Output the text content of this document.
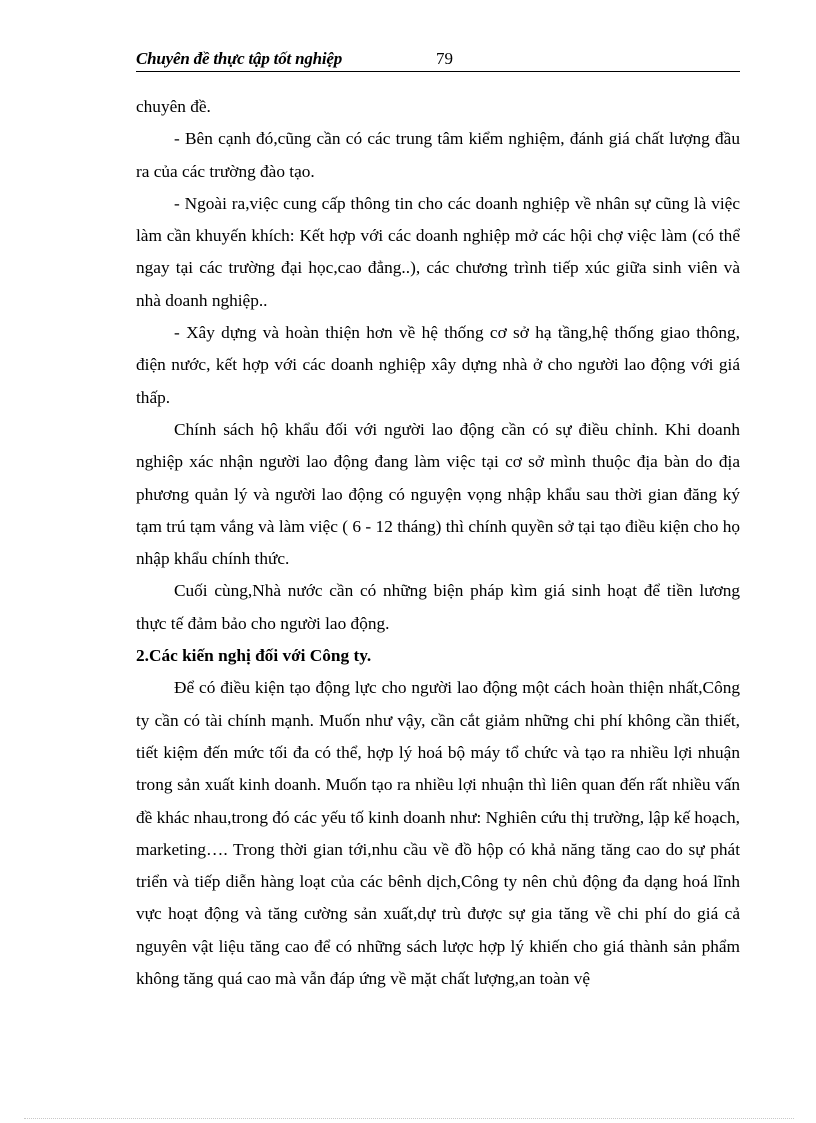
Chuyên đề thực tập tốt nghiệp	79

chuyên đề.

- Bên cạnh đó,cũng cần có các trung tâm kiểm nghiệm, đánh giá chất lượng đầu ra của các trường đào tạo.

- Ngoài ra,việc cung cấp thông tin cho các doanh nghiệp về nhân sự cũng là việc làm cần khuyến khích: Kết hợp với các doanh nghiệp mở các hội chợ việc làm (có thể ngay tại các trường đại học,cao đẳng..), các chương trình tiếp xúc giữa sinh viên và nhà doanh nghiệp..

- Xây dựng và hoàn thiện hơn về hệ thống cơ sở hạ tầng,hệ thống giao thông, điện nước, kết hợp với các doanh nghiệp xây dựng nhà ở cho người lao động với giá thấp.

Chính sách hộ khẩu đối với người lao động cần có sự điều chỉnh. Khi doanh nghiệp xác nhận người lao động đang làm việc tại cơ sở mình thuộc địa bàn do địa phương quản lý và người lao động có nguyện vọng nhập khẩu sau thời gian đăng ký tạm trú tạm vắng và làm việc ( 6 - 12 tháng) thì chính quyền sở tại tạo điều kiện cho họ nhập khẩu chính thức.

Cuối cùng,Nhà nước cần có những biện pháp kìm giá sinh hoạt để tiền lương thực tế đảm bảo cho người lao động.

2.Các kiến nghị đối với Công ty.

Để có điều kiện tạo động lực cho người lao động một cách hoàn thiện nhất,Công ty cần có tài chính mạnh. Muốn như vậy, cần cắt giảm những chi phí không cần thiết, tiết kiệm đến mức tối đa có thể, hợp lý hoá bộ máy tổ chức và tạo ra nhiều lợi nhuận trong sản xuất kinh doanh. Muốn tạo ra nhiều lợi nhuận thì liên quan đến rất nhiều vấn đề khác nhau,trong đó các yếu tố kinh doanh như: Nghiên cứu thị trường, lập kế hoạch, marketing…. Trong thời gian tới,nhu cầu về đồ hộp có khả năng tăng cao do sự phát triển và tiếp diễn hàng loạt của các bênh dịch,Công ty nên chủ động đa dạng hoá lĩnh vực hoạt động và tăng cường sản xuất,dự trù được sự gia tăng về chi phí do giá cả nguyên vật liệu tăng cao để có những sách lược hợp lý khiến cho giá thành sản phẩm không tăng quá cao mà vẫn đáp ứng về mặt chất lượng,an toàn vệ
